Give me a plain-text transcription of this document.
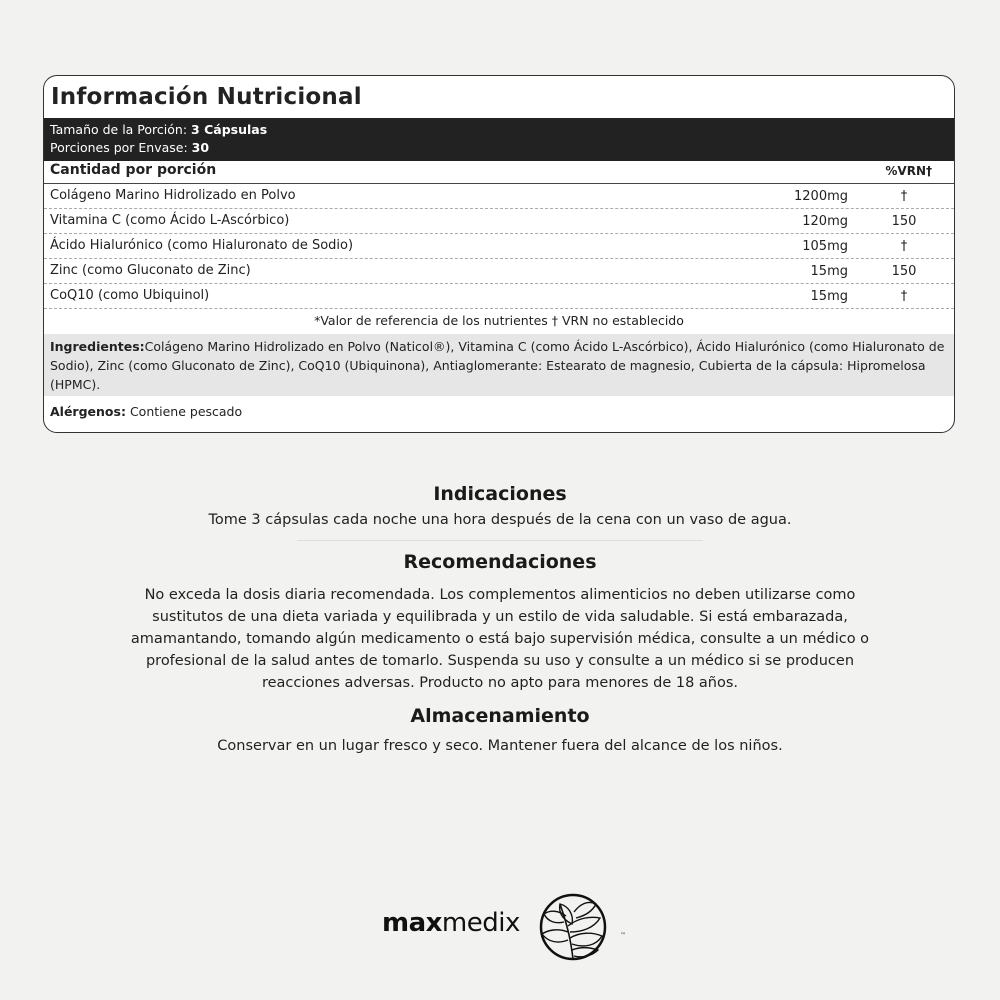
Información Nutricional
Tamaño de la Porción: 3 Cápsulas
Porciones por Envase: 30
Cantidad por porción	%VRN†
Colágeno Marino Hidrolizado en Polvo	1200mg	†
Vitamina C (como Ácido L-Ascórbico)	120mg	150
Ácido Hialurónico (como Hialuronato de Sodio)	105mg	†
Zinc (como Gluconato de Zinc)	15mg	150
CoQ10 (como Ubiquinol)	15mg	†
*Valor de referencia de los nutrientes † VRN no establecido
Ingredientes:Colágeno Marino Hidrolizado en Polvo (Naticol®), Vitamina C (como Ácido L-Ascórbico), Ácido Hialurónico (como Hialuronato de Sodio), Zinc (como Gluconato de Zinc), CoQ10 (Ubiquinona), Antiaglomerante: Estearato de magnesio, Cubierta de la cápsula: Hipromelosa (HPMC).
Alérgenos: Contiene pescado
Indicaciones
Tome 3 cápsulas cada noche una hora después de la cena con un vaso de agua.
Recomendaciones
No exceda la dosis diaria recomendada. Los complementos alimenticios no deben utilizarse como
sustitutos de una dieta variada y equilibrada y un estilo de vida saludable. Si está embarazada,
amamantando, tomando algún medicamento o está bajo supervisión médica, consulte a un médico o
profesional de la salud antes de tomarlo. Suspenda su uso y consulte a un médico si se producen
reacciones adversas. Producto no apto para menores de 18 años.
Almacenamiento
Conservar en un lugar fresco y seco. Mantener fuera del alcance de los niños.
maxmedix	™
